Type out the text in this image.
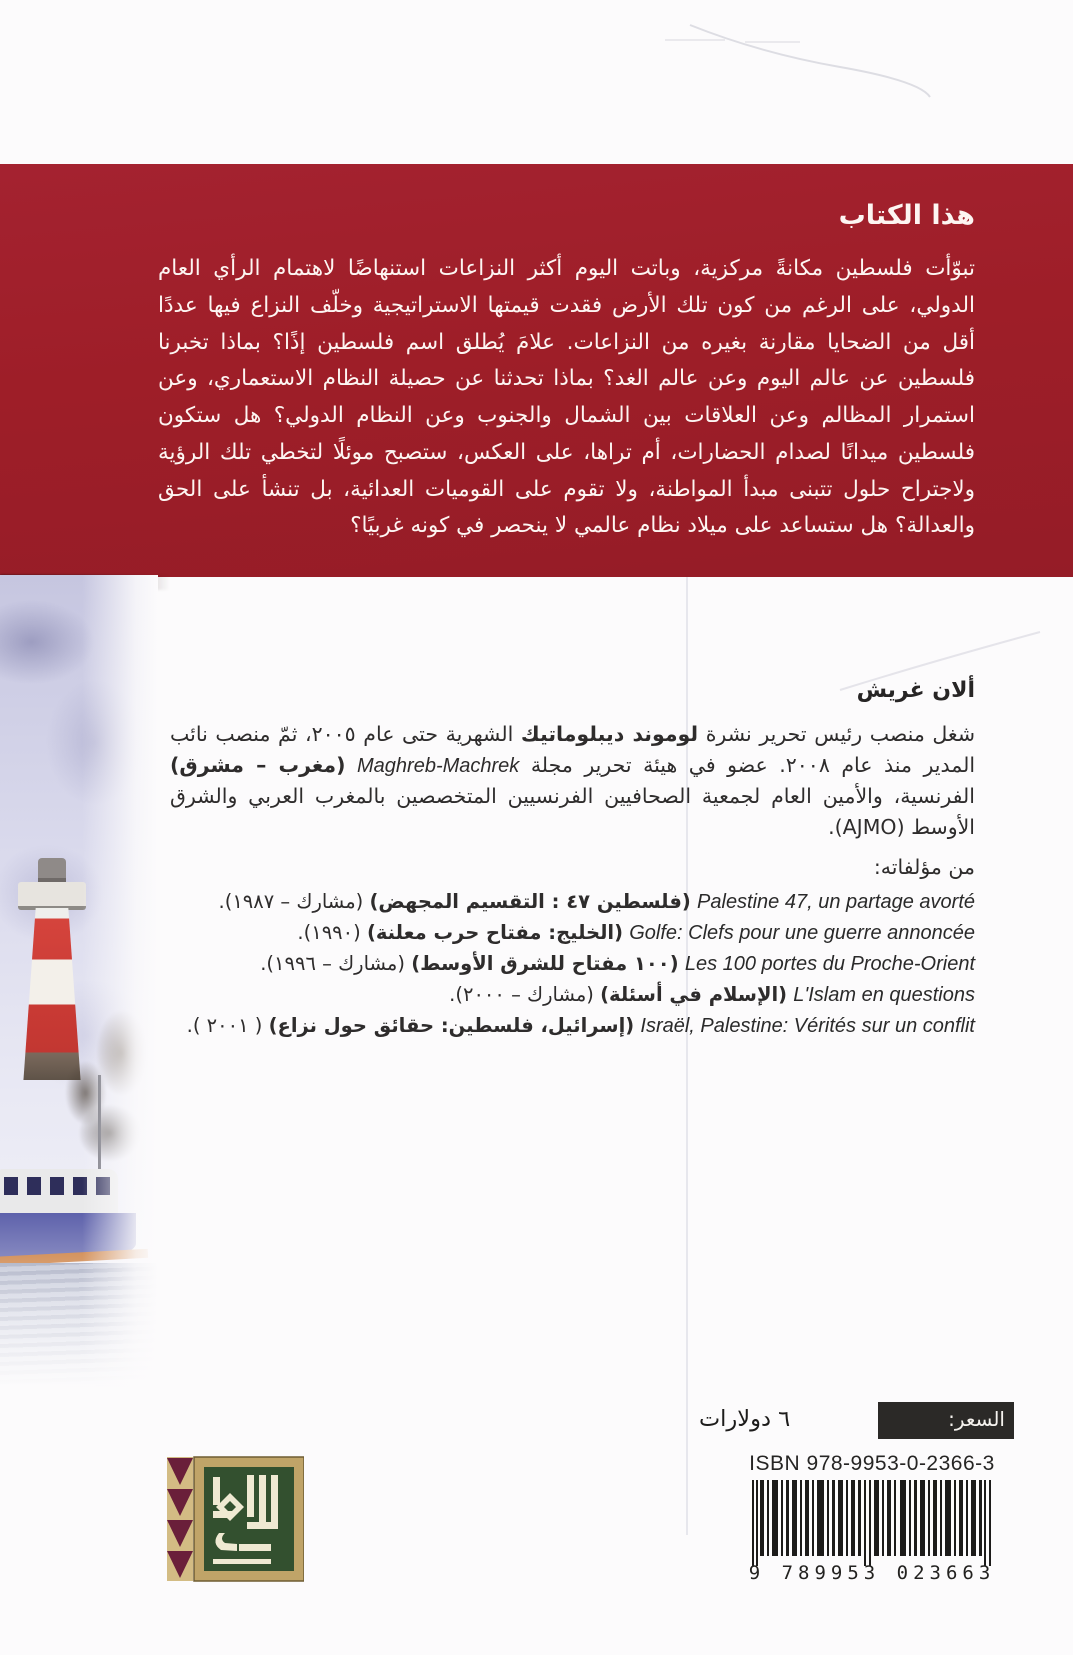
هذا الكتاب

تبوّأت فلسطين مكانةً مركزية، وباتت اليوم أكثر النزاعات استنهاضًا لاهتمام الرأي العام الدولي، على الرغم من كون تلك الأرض فقدت قيمتها الاستراتيجية وخلّف النزاع فيها عددًا أقل من الضحايا مقارنة بغيره من النزاعات. علامَ يُطلق اسم فلسطين إذًا؟ بماذا تخبرنا فلسطين عن عالم اليوم وعن عالم الغد؟ بماذا تحدثنا عن حصيلة النظام الاستعماري، وعن استمرار المظالم وعن العلاقات بين الشمال والجنوب وعن النظام الدولي؟ هل ستكون فلسطين ميدانًا لصدام الحضارات، أم تراها، على العكس، ستصبح موئلًا لتخطي تلك الرؤية ولاجتراح حلول تتبنى مبدأ المواطنة، ولا تقوم على القوميات العدائية، بل تنشأ على الحق والعدالة؟ هل ستساعد على ميلاد نظام عالمي لا ينحصر في كونه غربيًا؟

ألان غريش

شغل منصب رئيس تحرير نشرة لوموند ديبلوماتيك الشهرية حتى عام ٢٠٠٥، ثمّ منصب نائب المدير منذ عام ٢٠٠٨. عضو في هيئة تحرير مجلة Maghreb-Machrek (مغرب – مشرق) الفرنسية، والأمين العام لجمعية الصحافيين الفرنسيين المتخصصين بالمغرب العربي والشرق الأوسط (AJMO).

من مؤلفاته:

Palestine 47, un partage avorté (فلسطين ٤٧ : التقسيم المجهض) (مشارك – ١٩٨٧).
Golfe: Clefs pour une guerre annoncée (الخليج: مفتاح حرب معلنة) (١٩٩٠).
Les 100 portes du Proche-Orient (١٠٠ مفتاح للشرق الأوسط) (مشارك – ١٩٩٦).
L'Islam en questions (الإسلام في أسئلة) (مشارك – ٢٠٠٠).
Israël, Palestine: Vérités sur un conflit (إسرائيل، فلسطين: حقائق حول نزاع) ( ٢٠٠١ ).
السعر:
٦ دولارات
ISBN 978-9953-0-2366-3
9 789953 023663
